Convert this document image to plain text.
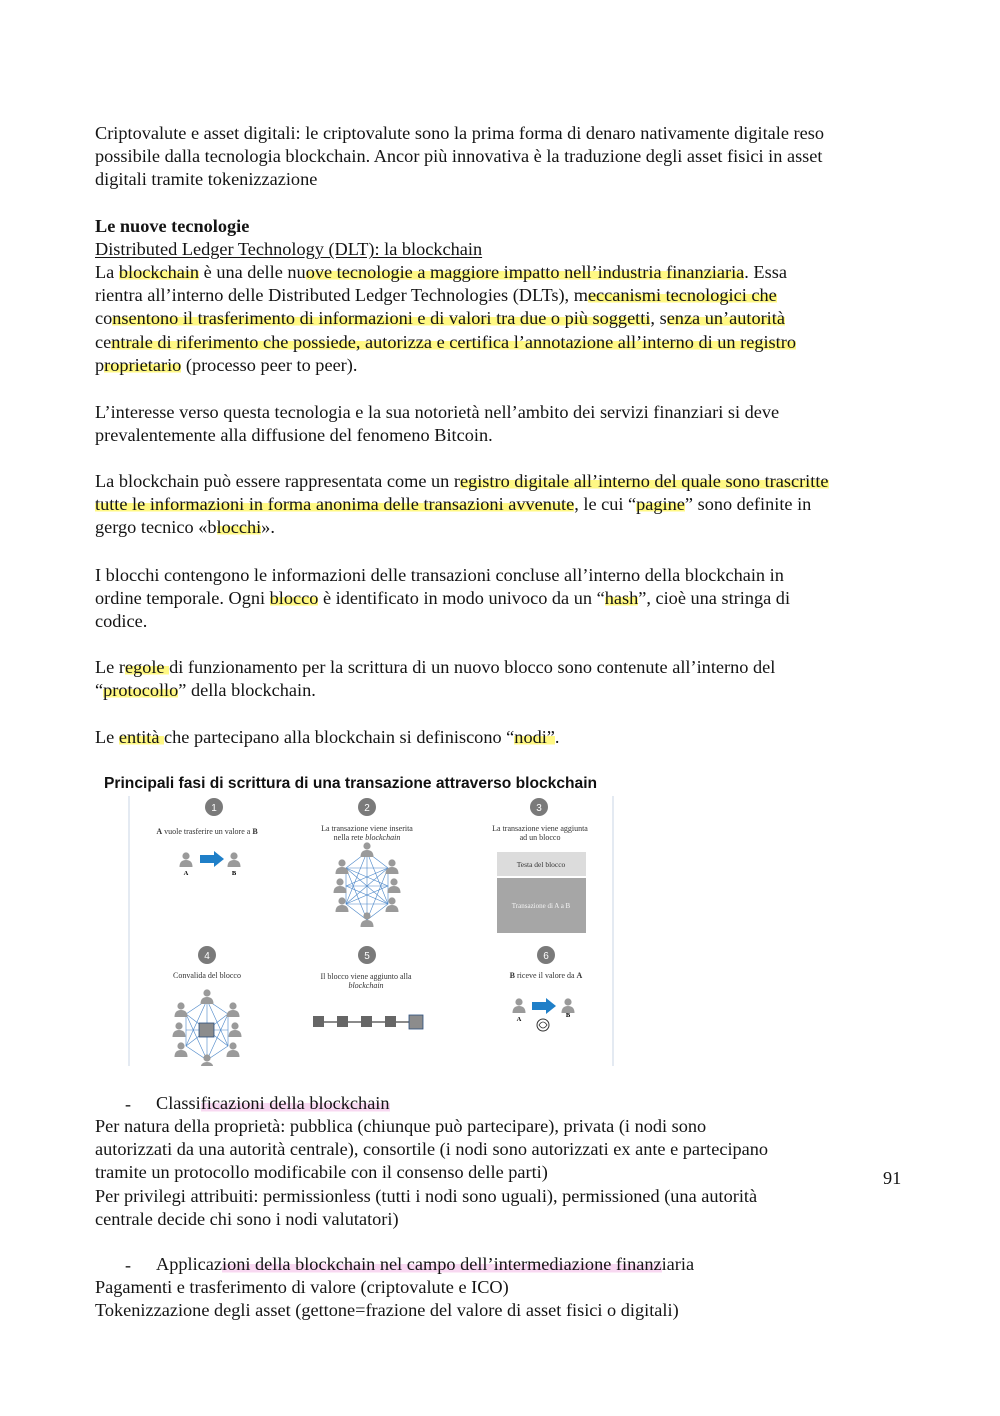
Criptovalute e asset digitali: le criptovalute sono la prima forma di denaro nativamente digitale reso
possibile dalla tecnologia blockchain. Ancor più innovativa è la traduzione degli asset fisici in asset
digitali tramite tokenizzazione

Le nuove tecnologie
Distributed Ledger Technology (DLT): la blockchain

La blockchain è una delle nuove tecnologie a maggiore impatto nell’industria finanziaria. Essa
rientra all’interno delle Distributed Ledger Technologies (DLTs), meccanismi tecnologici che
consentono il trasferimento di informazioni e di valori tra due o più soggetti, senza un’autorità
centrale di riferimento che possiede, autorizza e certifica l’annotazione all’interno di un registro
proprietario (processo peer to peer).

L’interesse verso questa tecnologia e la sua notorietà nell’ambito dei servizi finanziari si deve
prevalentemente alla diffusione del fenomeno Bitcoin.

La blockchain può essere rappresentata come un registro digitale all’interno del quale sono trascritte
tutte le informazioni in forma anonima delle transazioni avvenute, le cui “pagine” sono definite in
gergo tecnico «blocchi».

I blocchi contengono le informazioni delle transazioni concluse all’interno della blockchain in
ordine temporale. Ogni blocco è identificato in modo univoco da un “hash”, cioè una stringa di
codice.

Le regole di funzionamento per la scrittura di un nuovo blocco sono contenute all’interno del
“protocollo” della blockchain.

Le entità che partecipano alla blockchain si definiscono “nodi”.

Principali fasi di scrittura di una transazione attraverso blockchain
1	2	3
4	5	6
A vuole trasferire un valore a B	La transazione viene inserita
nella rete blockchain
La transazione viene aggiunta
ad un blocco
Convalida del blocco	Il blocco viene aggiunto alla
blockchain
B riceve il valore da A
A	B
Testa del blocco
Transazione di A a B
A
B
- Classificazioni della blockchain

Per natura della proprietà: pubblica (chiunque può partecipare), privata (i nodi sono
autorizzati da una autorità centrale), consortile (i nodi sono autorizzati ex ante e partecipano
tramite un protocollo modificabile con il consenso delle parti)
Per privilegi attribuiti: permissionless (tutti i nodi sono uguali), permissioned (una autorità
centrale decide chi sono i nodi valutatori)

- Applicazioni della blockchain nel campo dell’intermediazione finanziaria

Pagamenti e trasferimento di valore (criptovalute e ICO)
Tokenizzazione degli asset (gettone=frazione del valore di asset fisici o digitali)

91
